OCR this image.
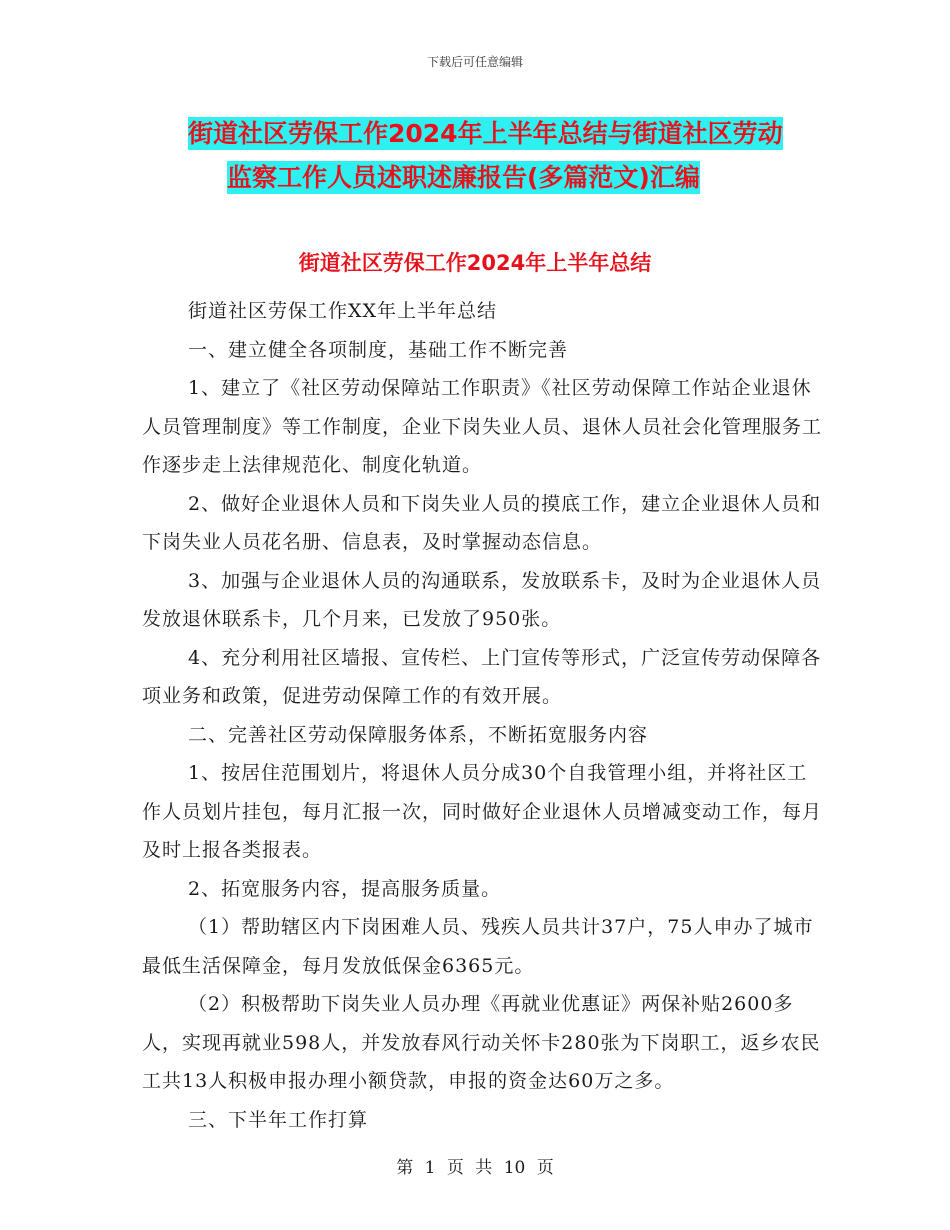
下载后可任意编辑
街道社区劳保工作2024年上半年总结与街道社区劳动
监察工作人员述职述廉报告(多篇范文)汇编
街道社区劳保工作2024年上半年总结

街道社区劳保工作XX年上半年总结

一、建立健全各项制度，基础工作不断完善

1、建立了《社区劳动保障站工作职责》《社区劳动保障工作站企业退休人员管理制度》等工作制度，企业下岗失业人员、退休人员社会化管理服务工作逐步走上法律规范化、制度化轨道。

2、做好企业退休人员和下岗失业人员的摸底工作，建立企业退休人员和下岗失业人员花名册、信息表，及时掌握动态信息。

3、加强与企业退休人员的沟通联系，发放联系卡，及时为企业退休人员发放退休联系卡，几个月来，已发放了950张。

4、充分利用社区墙报、宣传栏、上门宣传等形式，广泛宣传劳动保障各项业务和政策，促进劳动保障工作的有效开展。

二、完善社区劳动保障服务体系，不断拓宽服务内容

1、按居住范围划片，将退休人员分成30个自我管理小组，并将社区工作人员划片挂包，每月汇报一次，同时做好企业退休人员增减变动工作，每月及时上报各类报表。

2、拓宽服务内容，提高服务质量。

（1）帮助辖区内下岗困难人员、残疾人员共计37户，75人申办了城市最低生活保障金，每月发放低保金6365元。

（2）积极帮助下岗失业人员办理《再就业优惠证》两保补贴2600多人，实现再就业598人，并发放春风行动关怀卡280张为下岗职工，返乡农民工共13人积极申报办理小额贷款，申报的资金达60万之多。

三、下半年工作打算

第 1 页 共 10 页
